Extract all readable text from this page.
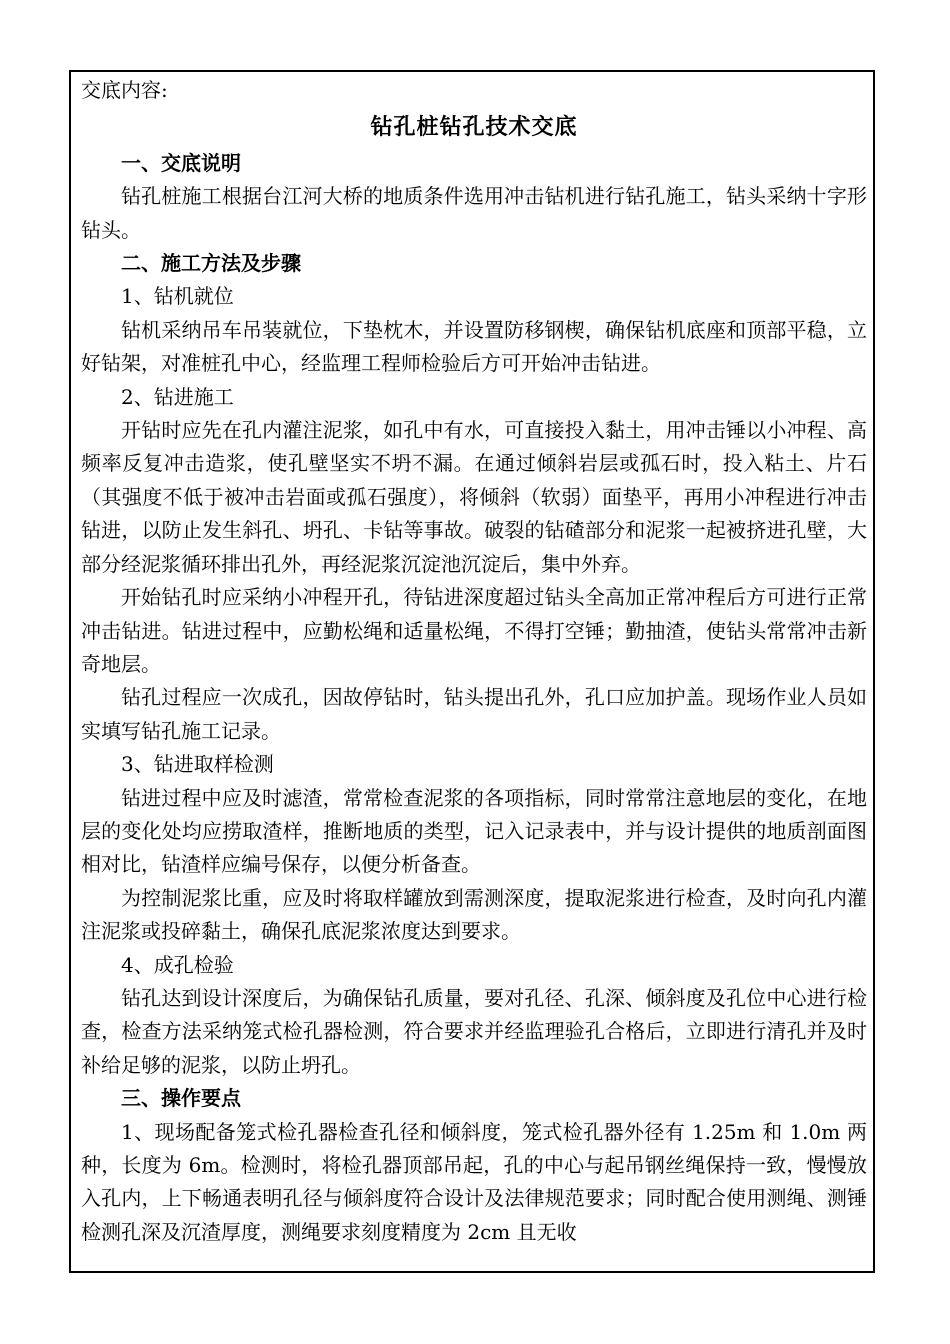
交底内容:
钻孔桩钻孔技术交底
一、交底说明
钻孔桩施工根据台江河大桥的地质条件选用冲击钻机进行钻孔施工，钻头采纳十字形钻头。
二、施工方法及步骤
1、钻机就位
钻机采纳吊车吊装就位，下垫枕木，并设置防移钢楔，确保钻机底座和顶部平稳，立好钻架，对准桩孔中心，经监理工程师检验后方可开始冲击钻进。
2、钻进施工
开钻时应先在孔内灌注泥浆，如孔中有水，可直接投入黏土，用冲击锤以小冲程、高频率反复冲击造浆，使孔壁坚实不坍不漏。在通过倾斜岩层或孤石时，投入粘土、片石（其强度不低于被冲击岩面或孤石强度），将倾斜（软弱）面垫平，再用小冲程进行冲击钻进，以防止发生斜孔、坍孔、卡钻等事故。破裂的钻碴部分和泥浆一起被挤进孔壁，大部分经泥浆循环排出孔外，再经泥浆沉淀池沉淀后，集中外弃。
开始钻孔时应采纳小冲程开孔，待钻进深度超过钻头全高加正常冲程后方可进行正常冲击钻进。钻进过程中，应勤松绳和适量松绳，不得打空锤；勤抽渣，使钻头常常冲击新奇地层。
钻孔过程应一次成孔，因故停钻时，钻头提出孔外，孔口应加护盖。现场作业人员如实填写钻孔施工记录。
3、钻进取样检测
钻进过程中应及时滤渣，常常检查泥浆的各项指标，同时常常注意地层的变化，在地层的变化处均应捞取渣样，推断地质的类型，记入记录表中，并与设计提供的地质剖面图相对比，钻渣样应编号保存，以便分析备查。
为控制泥浆比重，应及时将取样罐放到需测深度，提取泥浆进行检查，及时向孔内灌注泥浆或投碎黏土，确保孔底泥浆浓度达到要求。
4、成孔检验
钻孔达到设计深度后，为确保钻孔质量，要对孔径、孔深、倾斜度及孔位中心进行检查，检查方法采纳笼式检孔器检测，符合要求并经监理验孔合格后，立即进行清孔并及时补给足够的泥浆，以防止坍孔。
三、操作要点
1、现场配备笼式检孔器检查孔径和倾斜度，笼式检孔器外径有 1.25m 和 1.0m 两种，长度为 6m。检测时，将检孔器顶部吊起，孔的中心与起吊钢丝绳保持一致，慢慢放入孔内，上下畅通表明孔径与倾斜度符合设计及法律规范要求；同时配合使用测绳、测锤检测孔深及沉渣厚度，测绳要求刻度精度为 2cm 且无收
